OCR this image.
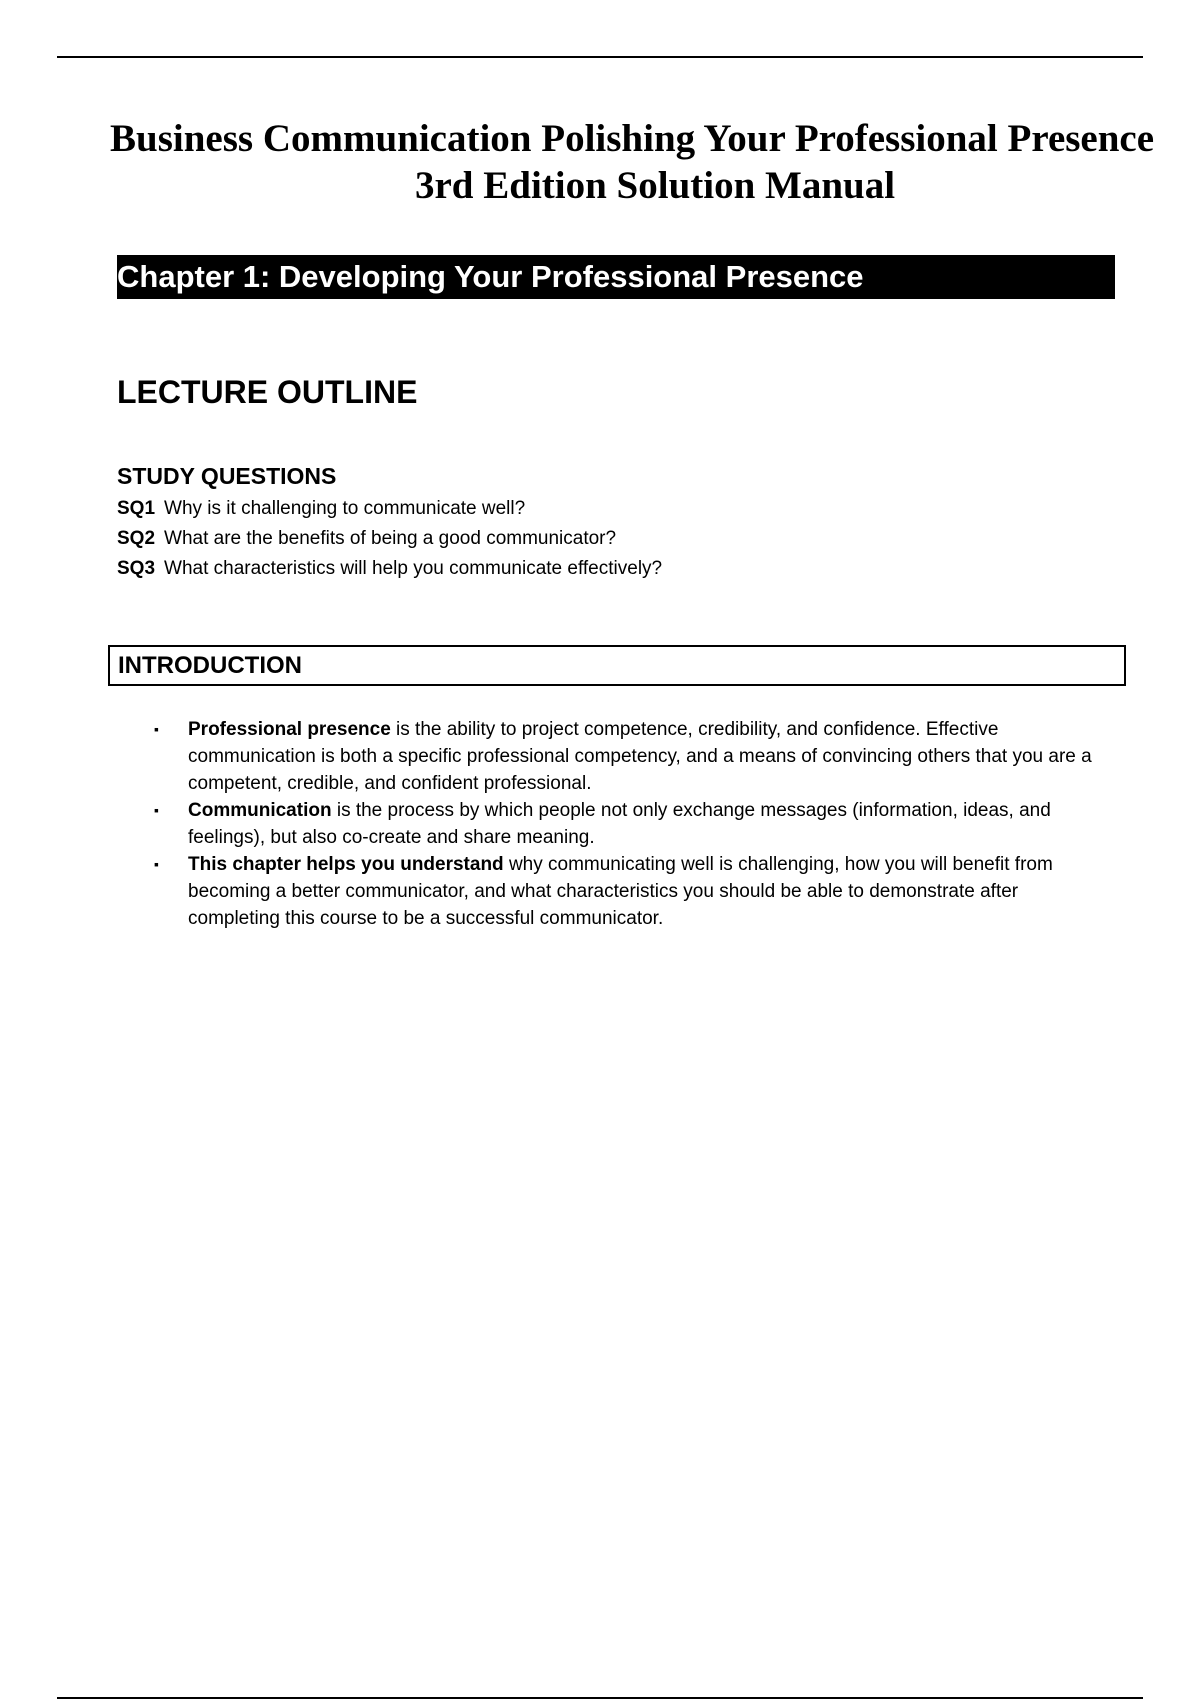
Business Communication Polishing Your Professional Presence
3rd Edition Solution Manual
Chapter 1: Developing Your Professional Presence
LECTURE OUTLINE
STUDY QUESTIONS
SQ1 Why is it challenging to communicate well?
SQ2 What are the benefits of being a good communicator?
SQ3 What characteristics will help you communicate effectively?
INTRODUCTION
▪ Professional presence is the ability to project competence, credibility, and confidence. Effective communication is both a specific professional competency, and a means of convincing others that you are a competent, credible, and confident professional.
▪ Communication is the process by which people not only exchange messages (information, ideas, and feelings), but also co-create and share meaning.
▪ This chapter helps you understand why communicating well is challenging, how you will benefit from becoming a better communicator, and what characteristics you should be able to demonstrate after completing this course to be a successful communicator.
